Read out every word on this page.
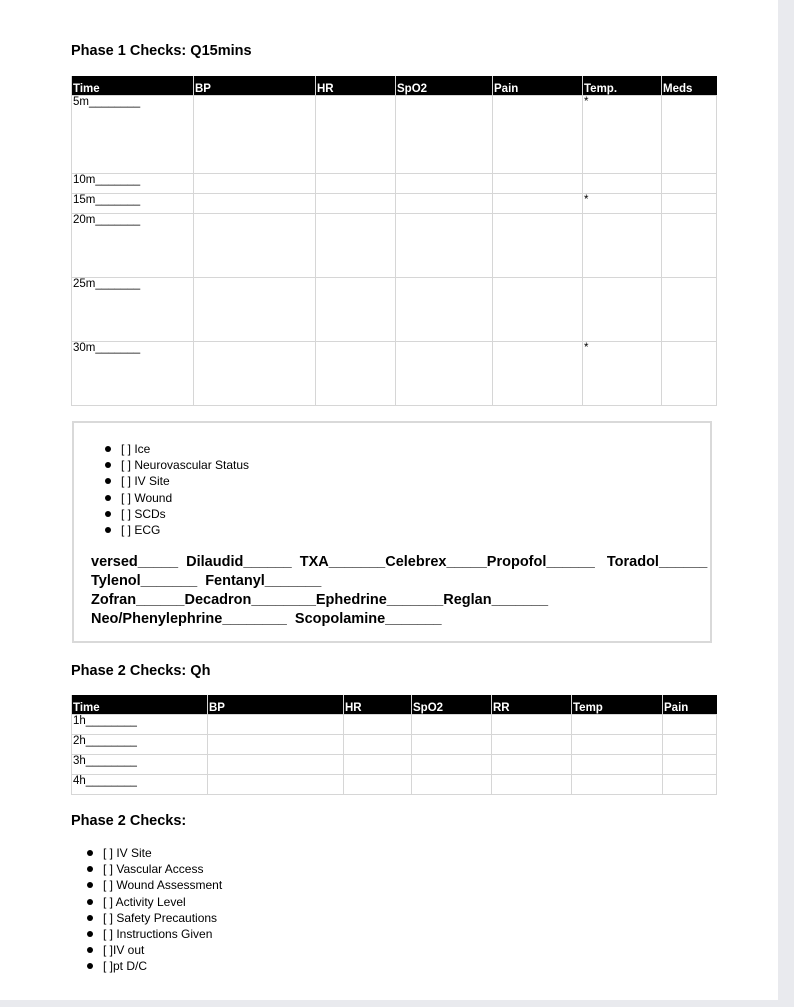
Phase 1 Checks: Q15mins
Time	BP	HR	SpO2	Pain	Temp.	Meds
5m________					*	
10m_______						
15m_______					*	
20m_______						
25m_______						
30m_______					*	
[ ] Ice
[ ] Neurovascular Status
[ ] IV Site
[ ] Wound
[ ] SCDs
[ ] ECG
versed_____  Dilaudid______  TXA_______Celebrex_____Propofol______   Toradol______
Tylenol_______  Fentanyl_______
Zofran______Decadron________Ephedrine_______Reglan_______
Neo/Phenylephrine________  Scopolamine_______
Phase 2 Checks: Qh
Time	BP	HR	SpO2	RR	Temp	Pain
1h________						
2h________						
3h________						
4h________						
Phase 2 Checks:
[ ] IV Site
[ ] Vascular Access
[ ] Wound Assessment
[ ] Activity Level
[ ] Safety Precautions
[ ] Instructions Given
[ ]IV out
[ ]pt D/C
